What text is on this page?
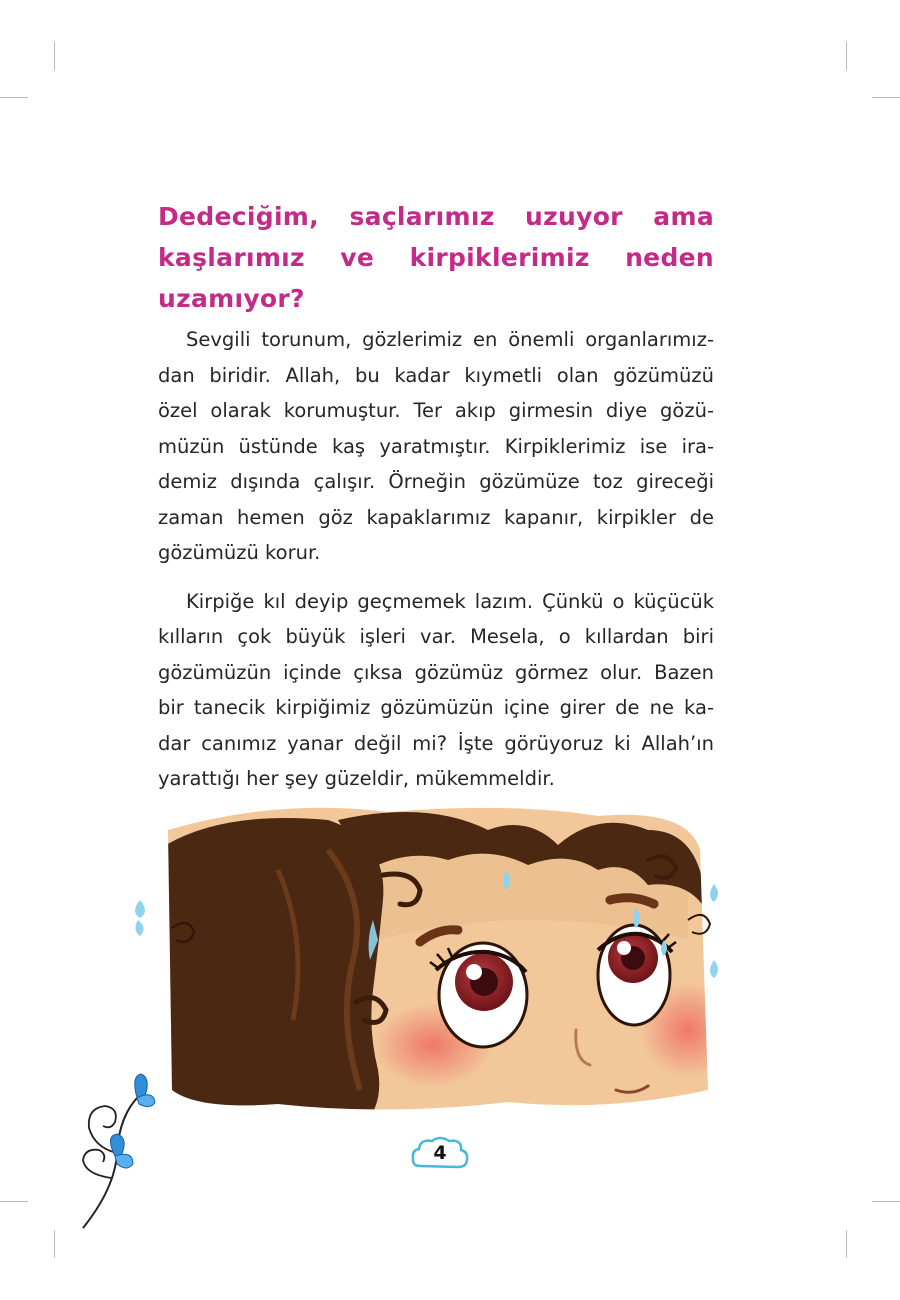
Dedeciğim, saçlarımız uzuyor ama
kaşlarımız ve kirpiklerimiz neden uzamıyor?

Sevgili torunum, gözlerimiz en önemli organlarımız-
dan biridir. Allah, bu kadar kıymetli olan gözümüzü
özel olarak korumuştur. Ter akıp girmesin diye gözü-
müzün üstünde kaş yaratmıştır. Kirpiklerimiz ise ira-
demiz dışında çalışır. Örneğin gözümüze toz gireceği
zaman hemen göz kapaklarımız kapanır, kirpikler de
gözümüzü korur.

Kirpiğe kıl deyip geçmemek lazım. Çünkü o küçücük
kılların çok büyük işleri var. Mesela, o kıllardan biri
gözümüzün içinde çıksa gözümüz görmez olur. Bazen
bir tanecik kirpiğimiz gözümüzün içine girer de ne ka-
dar canımız yanar değil mi? İşte görüyoruz ki Allah’ın
yarattığı her şey güzeldir, mükemmeldir.

4
